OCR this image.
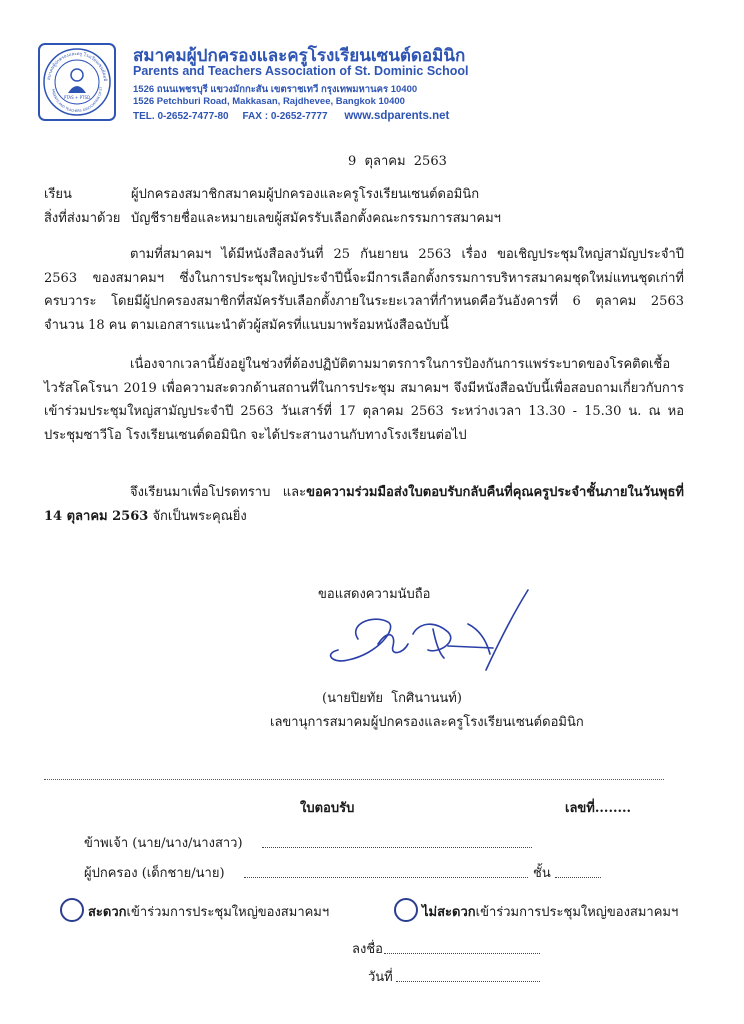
สมาคมผู้ปกครองและครู โรงเรียนเซนต์ดอมิ
PARENTS AND TEACHERS ASSOCIATION OF ST
PTAS + PTSD
สมาคมผู้ปกครองและครูโรงเรียนเซนต์ดอมินิก
Parents and Teachers Association of St. Dominic School
1526 ถนนเพชรบุรี แขวงมักกะสัน เขตราชเทวี กรุงเทพมหานคร 10400
1526 Petchburi Road, Makkasan, Rajdhevee, Bangkok 10400
TEL. 0-2652-7477-80     FAX : 0-2652-7777 www.sdparents.net
9  ตุลาคม  2563
เรียน	ผู้ปกครองสมาชิกสมาคมผู้ปกครองและครูโรงเรียนเซนต์ดอมินิก
สิ่งที่ส่งมาด้วย บัญชีรายชื่อและหมายเลขผู้สมัครรับเลือกตั้งคณะกรรมการสมาคมฯ

ตามที่สมาคมฯ ได้มีหนังสือลงวันที่ 25 กันยายน 2563 เรื่อง ขอเชิญประชุมใหญ่สามัญประจำปี 2563 ของสมาคมฯ ซึ่งในการประชุมใหญ่ประจำปีนี้จะมีการเลือกตั้งกรรมการบริหารสมาคมชุดใหม่แทนชุดเก่าที่ครบวาระ โดยมีผู้ปกครองสมาชิกที่สมัครรับเลือกตั้งภายในระยะเวลาที่กำหนดคือวันอังคารที่ 6 ตุลาคม 2563 จำนวน 18 คน ตามเอกสารแนะนำตัวผู้สมัครที่แนบมาพร้อมหนังสือฉบับนี้

เนื่องจากเวลานี้ยังอยู่ในช่วงที่ต้องปฏิบัติตามมาตรการในการป้องกันการแพร่ระบาดของโรคติดเชื้อไวรัสโคโรนา 2019 เพื่อความสะดวกด้านสถานที่ในการประชุม สมาคมฯ จึงมีหนังสือฉบับนี้เพื่อสอบถามเกี่ยวกับการเข้าร่วมประชุมใหญ่สามัญประจำปี 2563 วันเสาร์ที่ 17 ตุลาคม 2563 ระหว่างเวลา 13.30 - 15.30 น. ณ หอประชุมซาวีโอ โรงเรียนเซนต์ดอมินิก จะได้ประสานงานกับทางโรงเรียนต่อไป

จึงเรียนมาเพื่อโปรดทราบ และขอความร่วมมือส่งใบตอบรับกลับคืนที่คุณครูประจำชั้นภายในวันพุธที่ 14 ตุลาคม 2563 จักเป็นพระคุณยิ่ง

ขอแสดงความนับถือ
(นายปิยทัย  โกศินานนท์)
เลขานุการสมาคมผู้ปกครองและครูโรงเรียนเซนต์ดอมินิก
ใบตอบรับ	เลขที่........
ข้าพเจ้า (นาย/นาง/นางสาว)
ผู้ปกครอง (เด็กชาย/นาย)	ชั้น
สะดวกเข้าร่วมการประชุมใหญ่ของสมาคมฯ	ไม่สะดวกเข้าร่วมการประชุมใหญ่ของสมาคมฯ
ลงชื่อ
วันที่
